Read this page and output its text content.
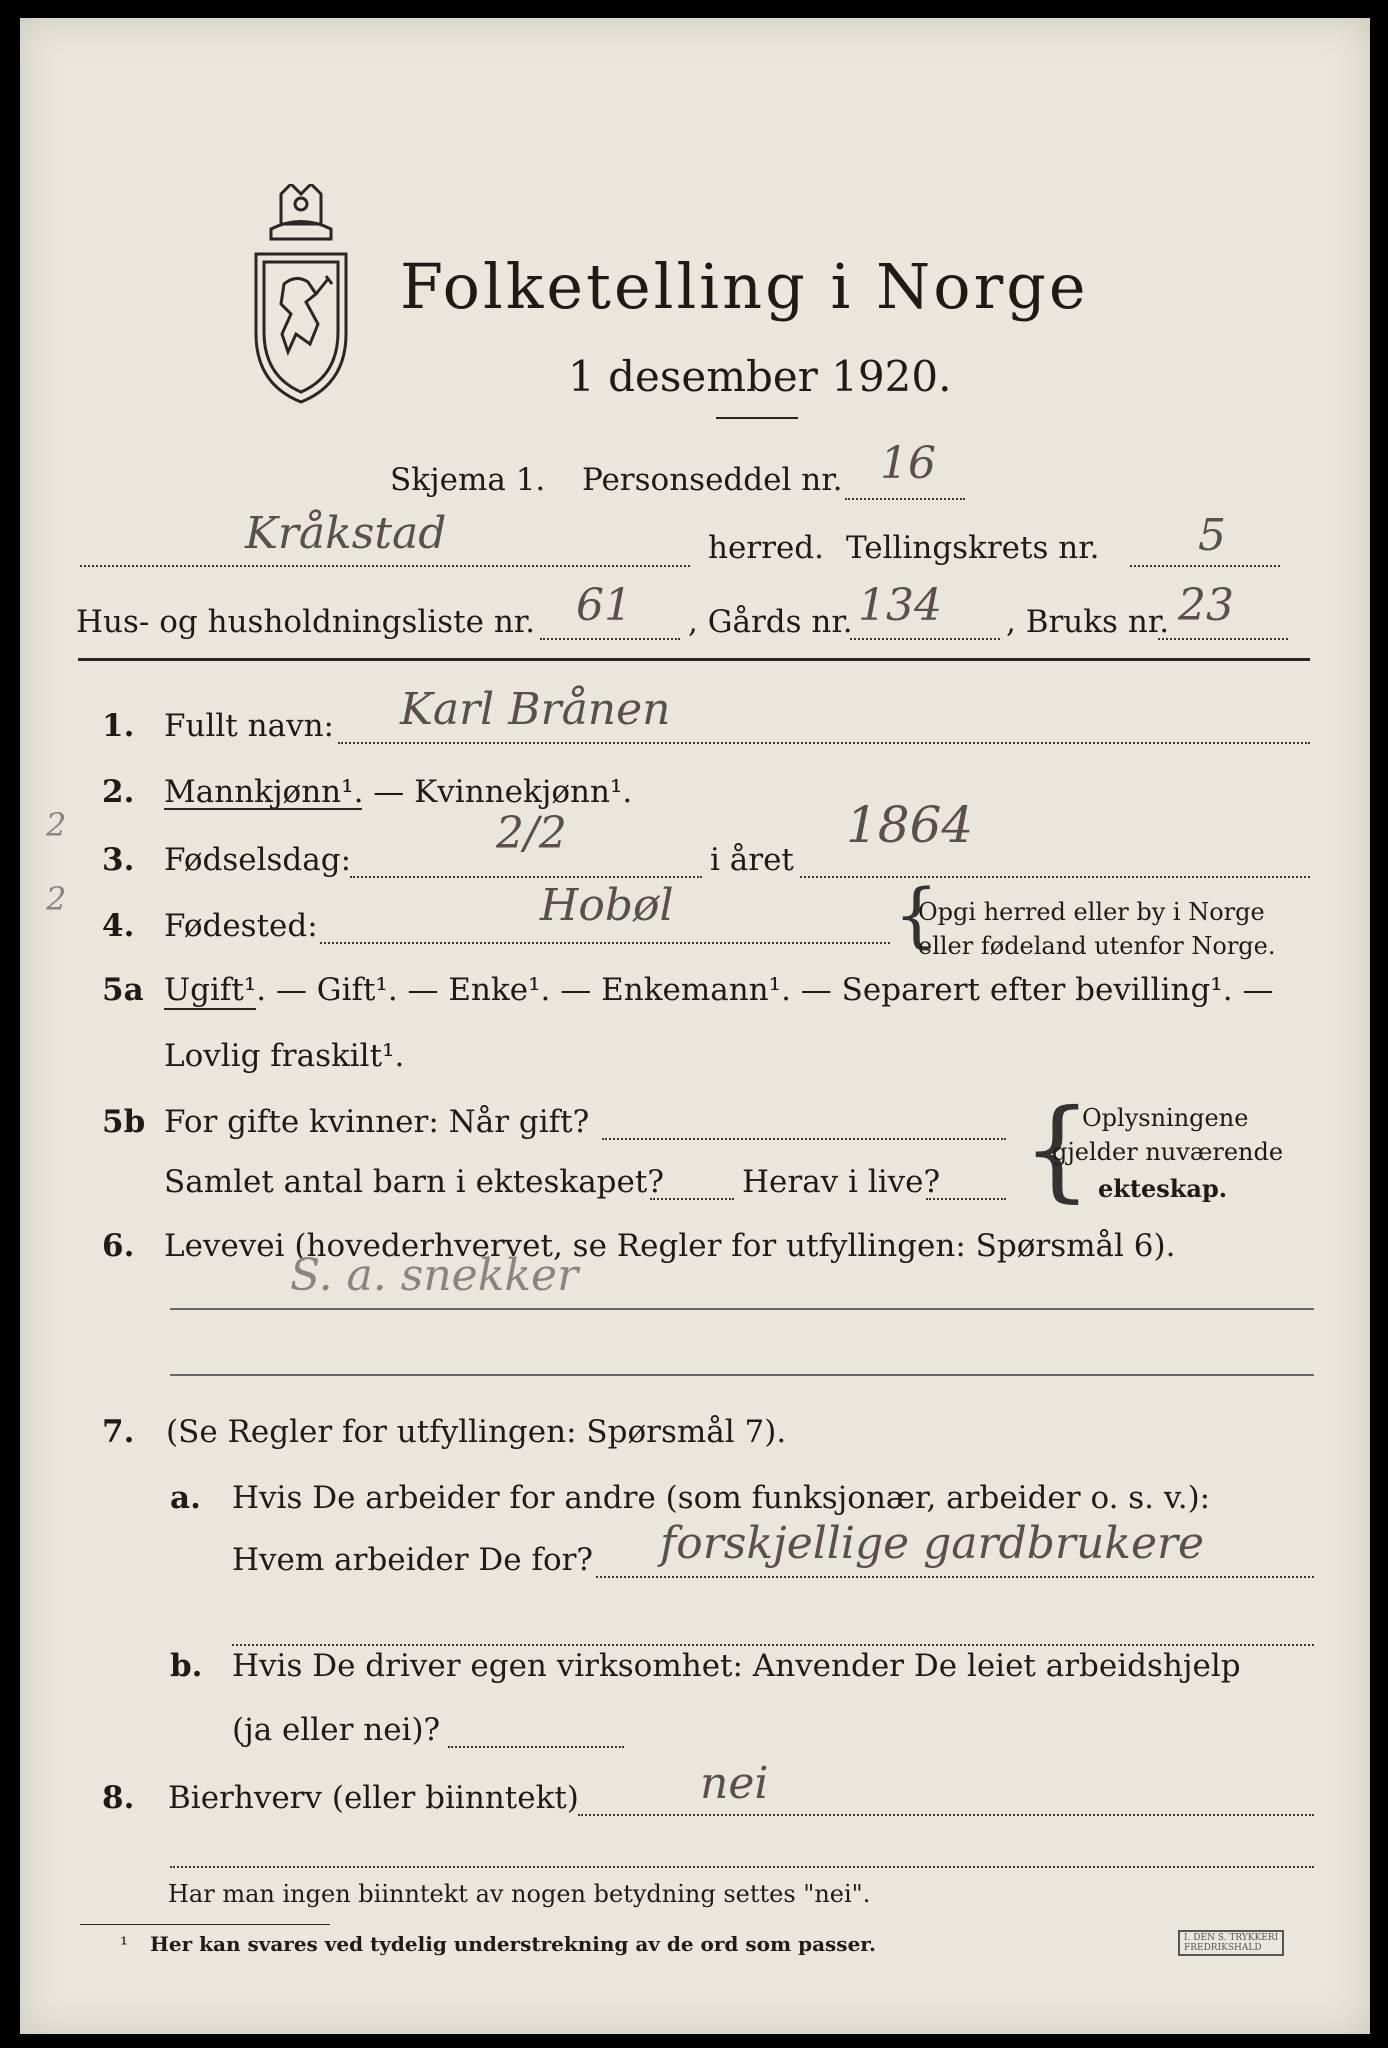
Folketelling i Norge
1 desember 1920.
Skjema 1. Personseddel nr. 16
Kråkstad	herred. Tellingskrets nr. 5
Hus- og husholdningsliste nr. 61 , Gårds nr. 134 , Bruks nr. 23
1. Fullt navn: Karl Brånen
2. Mannkjønn¹. — Kvinnekjønn¹.
2
3. Fødselsdag:
2/2
i året
1864
2
4. Fødested:	Hobøl	{
Opgi herred eller by i Norge
eller fødeland utenfor Norge.
5a Ugift¹. — Gift¹. — Enke¹. — Enkemann¹. — Separert efter bevilling¹. —
Lovlig fraskilt¹.
5b For gifte kvinner: Når gift?
Samlet antal barn i ekteskapet?	Herav i live? {
Oplysningene
gjelder nuværende
ekteskap.
6. Levevei (hovederhvervet, se Regler for utfyllingen: Spørsmål 6).
S. a. snekker
7. (Se Regler for utfyllingen: Spørsmål 7).
a. Hvis De arbeider for andre (som funksjonær, arbeider o. s. v.):
Hvem arbeider De for? forskjellige gardbrukere
b. Hvis De driver egen virksomhet: Anvender De leiet arbeidshjelp
(ja eller nei)?
8. Bierhverv (eller biinntekt)	nei
Har man ingen biinntekt av nogen betydning settes "nei".
¹ Her kan svares ved tydelig understrekning av de ord som passer.	I. DEN S. TRYKKERI
FREDRIKSHALD
